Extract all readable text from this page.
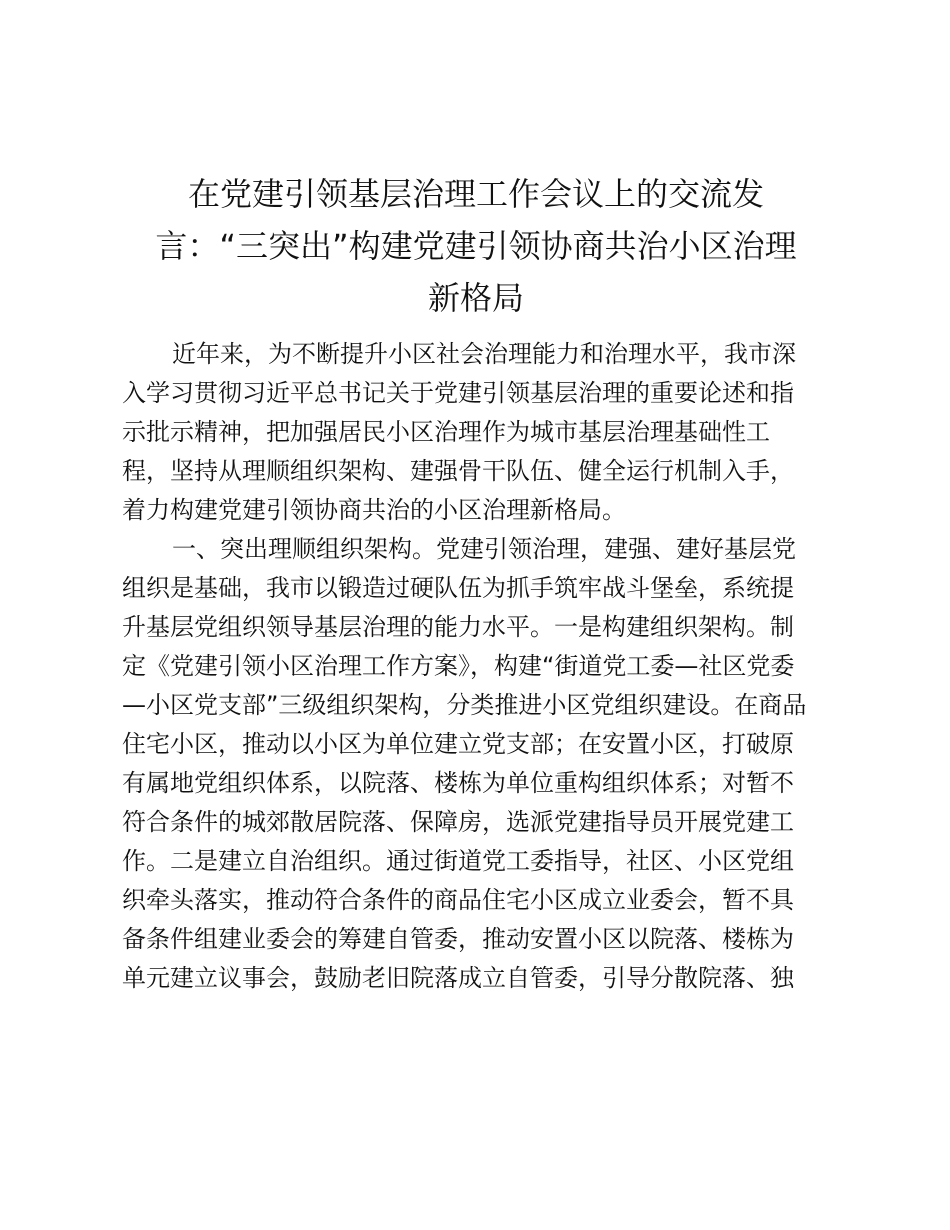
在党建引领基层治理工作会议上的交流发
言：“三突出”构建党建引领协商共治小区治理
新格局

近年来，为不断提升小区社会治理能力和治理水平，我市深
入学习贯彻习近平总书记关于党建引领基层治理的重要论述和指
示批示精神，把加强居民小区治理作为城市基层治理基础性工
程，坚持从理顺组织架构、建强骨干队伍、健全运行机制入手，
着力构建党建引领协商共治的小区治理新格局。

一、突出理顺组织架构。党建引领治理，建强、建好基层党
组织是基础，我市以锻造过硬队伍为抓手筑牢战斗堡垒，系统提
升基层党组织领导基层治理的能力水平。一是构建组织架构。制
定《党建引领小区治理工作方案》，构建“街道党工委—社区党委
—小区党支部”三级组织架构，分类推进小区党组织建设。在商品
住宅小区，推动以小区为单位建立党支部；在安置小区，打破原
有属地党组织体系，以院落、楼栋为单位重构组织体系；对暂不
符合条件的城郊散居院落、保障房，选派党建指导员开展党建工
作。二是建立自治组织。通过街道党工委指导，社区、小区党组
织牵头落实，推动符合条件的商品住宅小区成立业委会，暂不具
备条件组建业委会的筹建自管委，推动安置小区以院落、楼栋为
单元建立议事会，鼓励老旧院落成立自管委，引导分散院落、独
